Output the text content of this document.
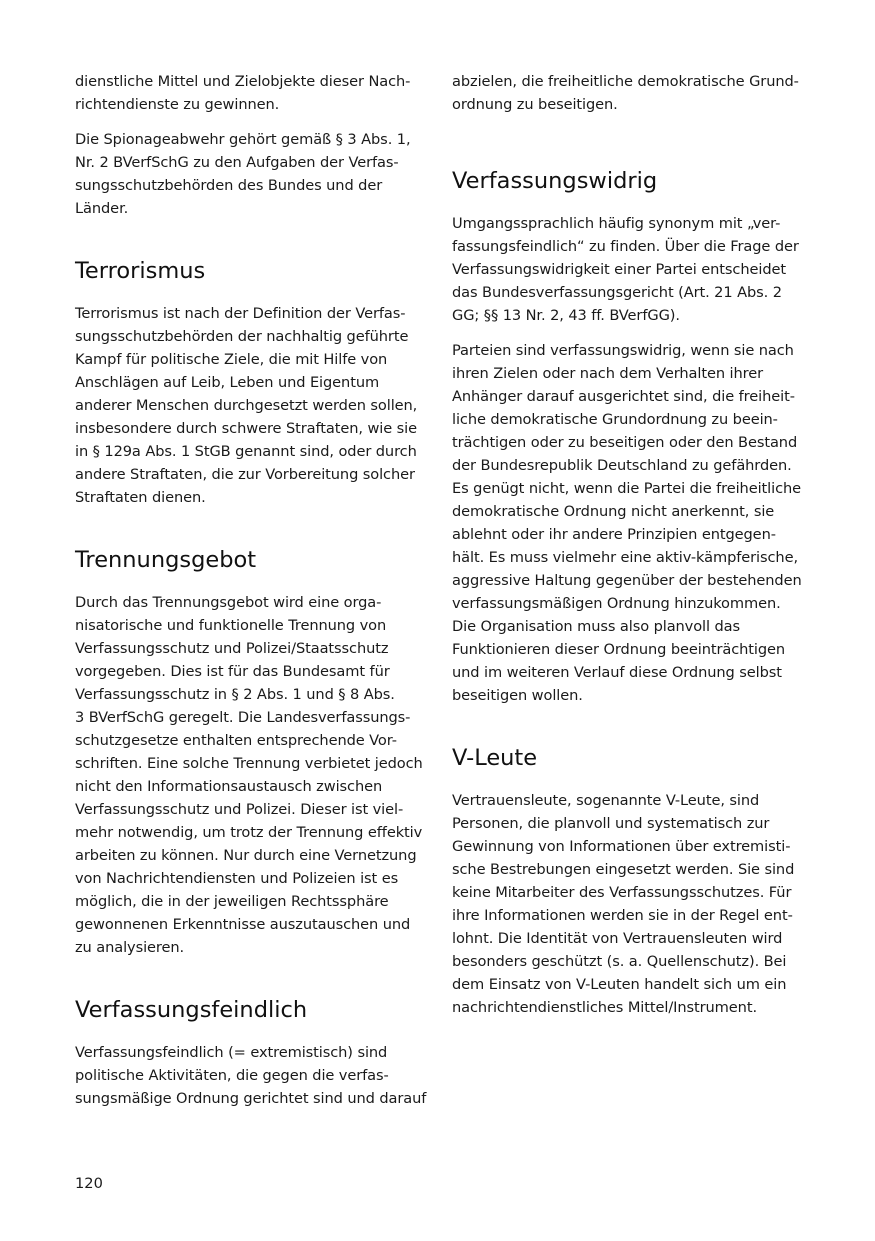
dienstliche Mittel und Zielobjekte dieser Nach-
richtendienste zu gewinnen.

Die Spionageabwehr gehört gemäß § 3 Abs. 1,
Nr. 2 BVerfSchG zu den Aufgaben der Verfas-
sungsschutzbehörden des Bundes und der
Länder.

Terrorismus

Terrorismus ist nach der Definition der Verfas-
sungsschutzbehörden der nachhaltig geführte
Kampf für politische Ziele, die mit Hilfe von
Anschlägen auf Leib, Leben und Eigentum
anderer Menschen durchgesetzt werden sollen,
insbesondere durch schwere Straftaten, wie sie
in § 129a Abs. 1 StGB genannt sind, oder durch
andere Straftaten, die zur Vorbereitung solcher
Straftaten dienen.

Trennungsgebot

Durch das Trennungsgebot wird eine orga-
nisatorische und funktionelle Trennung von
Verfassungsschutz und Polizei/Staatsschutz
vorgegeben. Dies ist für das Bundesamt für
Verfassungsschutz in § 2 Abs. 1 und § 8 Abs.
3 BVerfSchG geregelt. Die Landesverfassungs-
schutzgesetze enthalten entsprechende Vor-
schriften. Eine solche Trennung verbietet jedoch
nicht den Informationsaustausch zwischen
Verfassungsschutz und Polizei. Dieser ist viel-
mehr notwendig, um trotz der Trennung effektiv
arbeiten zu können. Nur durch eine Vernetzung
von Nachrichtendiensten und Polizeien ist es
möglich, die in der jeweiligen Rechtssphäre
gewonnenen Erkenntnisse auszutauschen und
zu analysieren.

Verfassungsfeindlich

Verfassungsfeindlich (= extremistisch) sind
politische Aktivitäten, die gegen die verfas-
sungsmäßige Ordnung gerichtet sind und darauf

abzielen, die freiheitliche demokratische Grund-
ordnung zu beseitigen.

Verfassungswidrig

Umgangssprachlich häufig synonym mit „ver-
fassungsfeindlich“ zu finden. Über die Frage der
Verfassungswidrigkeit einer Partei entscheidet
das Bundesverfassungsgericht (Art. 21 Abs. 2
GG; §§ 13 Nr. 2, 43 ff. BVerfGG).

Parteien sind verfassungswidrig, wenn sie nach
ihren Zielen oder nach dem Verhalten ihrer
Anhänger darauf ausgerichtet sind, die freiheit-
liche demokratische Grundordnung zu beein-
trächtigen oder zu beseitigen oder den Bestand
der Bundesrepublik Deutschland zu gefährden.
Es genügt nicht, wenn die Partei die freiheitliche
demokratische Ordnung nicht anerkennt, sie
ablehnt oder ihr andere Prinzipien entgegen-
hält. Es muss vielmehr eine aktiv-kämpferische,
aggressive Haltung gegenüber der bestehenden
verfassungsmäßigen Ordnung hinzukommen.
Die Organisation muss also planvoll das
Funktionieren dieser Ordnung beeinträchtigen
und im weiteren Verlauf diese Ordnung selbst
beseitigen wollen.

V-Leute

Vertrauensleute, sogenannte V-Leute, sind
Personen, die planvoll und systematisch zur
Gewinnung von Informationen über extremisti-
sche Bestrebungen eingesetzt werden. Sie sind
keine Mitarbeiter des Verfassungsschutzes. Für
ihre Informationen werden sie in der Regel ent-
lohnt. Die Identität von Vertrauensleuten wird
besonders geschützt (s. a. Quellenschutz). Bei
dem Einsatz von V-Leuten handelt sich um ein
nachrichtendienstliches Mittel/Instrument.

120
